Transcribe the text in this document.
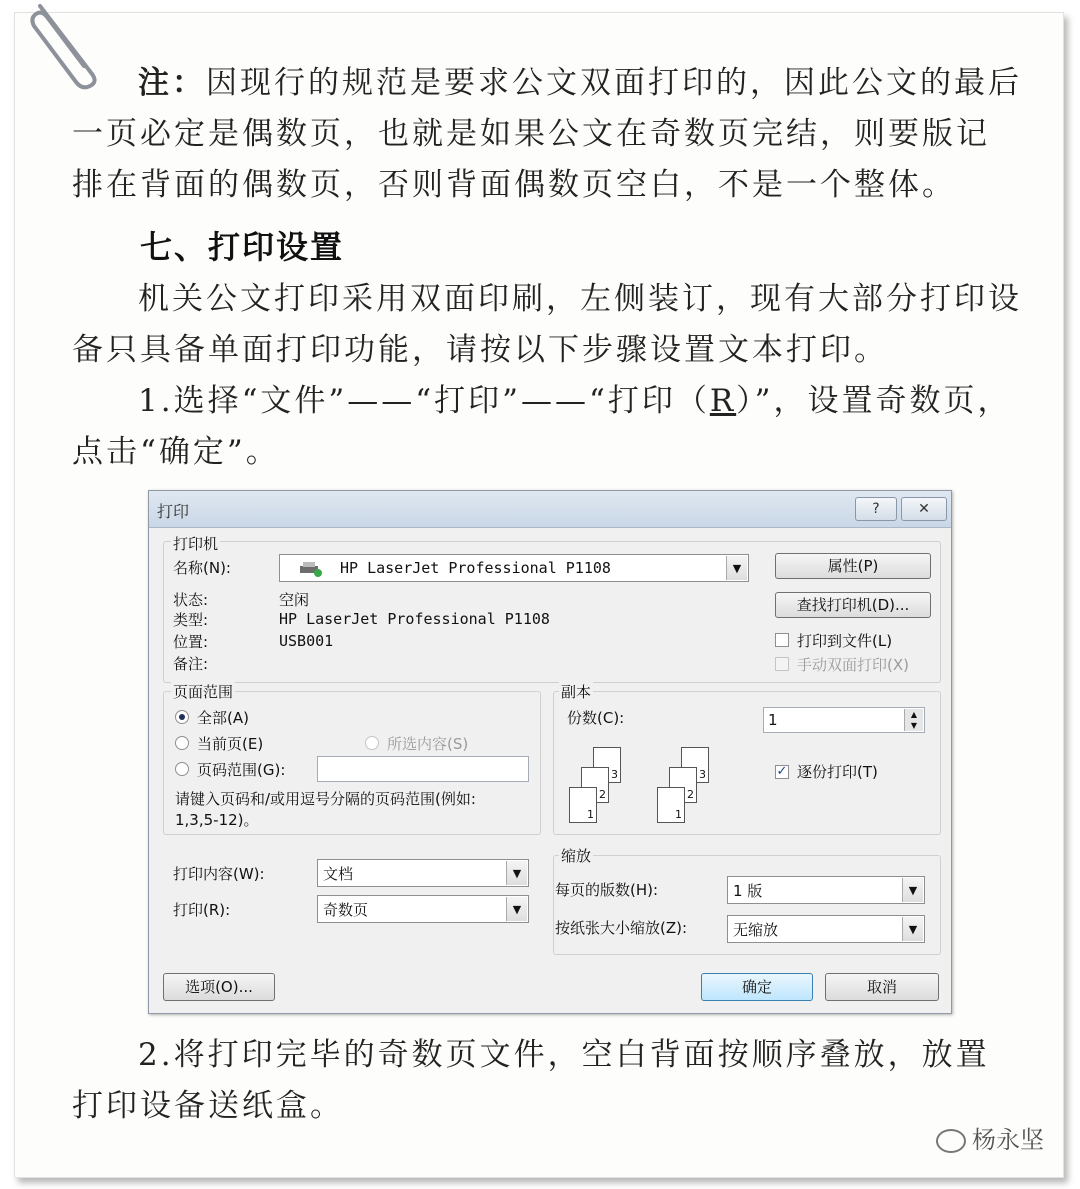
注：因现行的规范是要求公文双面打印的，因此公文的最后一页必定是偶数页，也就是如果公文在奇数页完结，则要版记排在背面的偶数页，否则背面偶数页空白，不是一个整体。

七、打印设置

机关公文打印采用双面印刷，左侧装订，现有大部分打印设备只具备单面打印功能，请按以下步骤设置文本打印。

1.选择“文件”——“打印”——“打印（R）”，设置奇数页，点击“确定”。

打印	?	✕
打印机
名称(N):	HP LaserJet Professional P1108	▼	属性(P)
查找打印机(D)...
状态:	空闲
类型:	HP LaserJet Professional P1108
位置:	USB001
备注:
打印到文件(L)
手动双面打印(X)
页面范围
全部(A)
当前页(E)	所选内容(S)
页码范围(G):
请键入页码和/或用逗号分隔的页码范围(例如: 1,3,5-12)。
副本
份数(C):	1	▲
▼
3
2
1
3
2
1
✓ 逐份打印(T)
打印内容(W):	文档	▼
打印(R):	奇数页	▼
缩放
每页的版数(H):	1 版	▼
按纸张大小缩放(Z):	无缩放	▼
选项(O)...	确定	取消

2.将打印完毕的奇数页文件，空白背面按顺序叠放，放置打印设备送纸盒。

杨永坚
